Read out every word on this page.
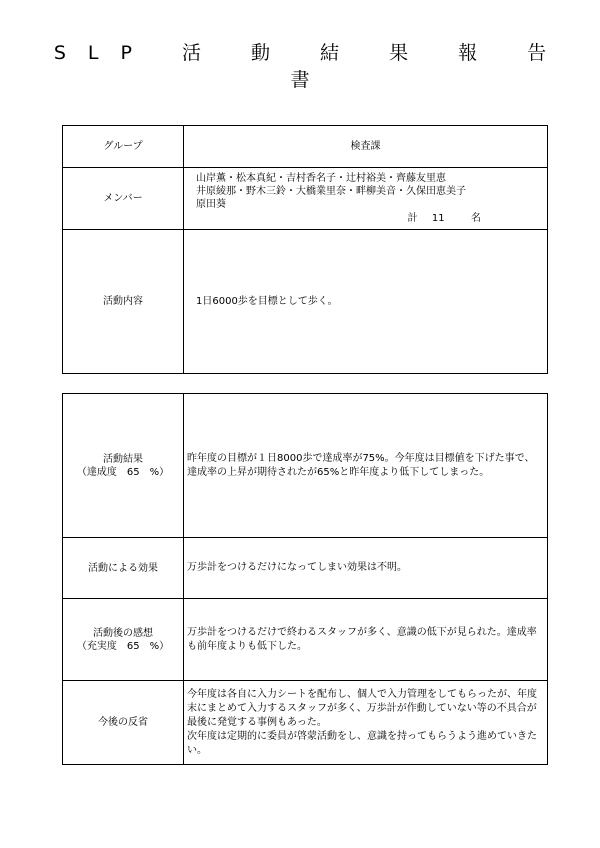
SLP 活 動 結 果 報 告 書
グループ	検査課
メンバー	山岸薫・松本真紀・吉村香名子・辻村裕美・齊藤友里恵
井原綾那・野木三鈴・大橋業里奈・畔柳美音・久保田恵美子
原田葵
計 11 名

活動内容	1日6000歩を目標として歩く。
活動結果
（達成度　65　%）	昨年度の目標が１日8000歩で達成率が75%。今年度は目標値を下げた事で、達成率の上昇が期待されたが65%と昨年度より低下してしまった。
活動による効果	万歩計をつけるだけになってしまい効果は不明。

活動後の感想
（充実度　65　%）	万歩計をつけるだけで終わるスタッフが多く、意識の低下が見られた。達成率も前年度よりも低下した。
今後の反省	今年度は各自に入力シートを配布し、個人で入力管理をしてもらったが、年度末にまとめて入力するスタッフが多く、万歩計が作動していない等の不具合が最後に発覚する事例もあった。
次年度は定期的に委員が啓蒙活動をし、意識を持ってもらうよう進めていきたい。
